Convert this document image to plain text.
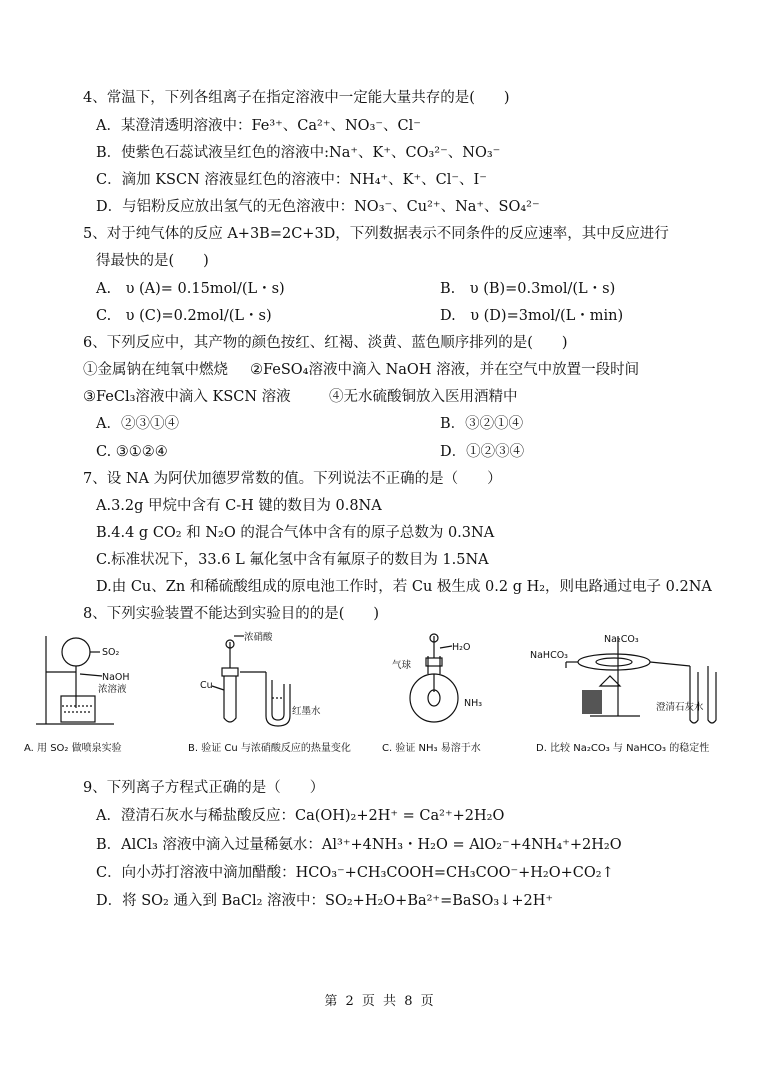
4、常温下，下列各组离子在指定溶液中一定能大量共存的是(　　)
A．某澄清透明溶液中：Fe³⁺、Ca²⁺、NO₃⁻、Cl⁻
B．使紫色石蕊试液呈红色的溶液中:Na⁺、K⁺、CO₃²⁻、NO₃⁻
C．滴加 KSCN 溶液显红色的溶液中：NH₄⁺、K⁺、Cl⁻、I⁻
D．与铝粉反应放出氢气的无色溶液中：NO₃⁻、Cu²⁺、Na⁺、SO₄²⁻
5、对于纯气体的反应 A+3B=2C+3D，下列数据表示不同条件的反应速率，其中反应进行
得最快的是(　　)
A.　υ (A)= 0.15mol/(L・s)	B.　υ (B)=0.3mol/(L・s)
C.　υ (C)=0.2mol/(L・s)	D.　υ (D)=3mol/(L・min)
6、下列反应中，其产物的颜色按红、红褐、淡黄、蓝色顺序排列的是(　　)
①金属钠在纯氧中燃烧 ②FeSO₄溶液中滴入 NaOH 溶液，并在空气中放置一段时间
③FeCl₃溶液中滴入 KSCN 溶液	④无水硫酸铜放入医用酒精中
A．②③①④	B．③②①④
C. ③①②④	D．①②③④
7、设 NA 为阿伏加德罗常数的值。下列说法不正确的是（　　）
A.3.2g 甲烷中含有 C-H 键的数目为 0.8NA
B.4.4 g CO₂ 和 N₂O 的混合气体中含有的原子总数为 0.3NA
C.标准状况下，33.6 L 氟化氢中含有氟原子的数目为 1.5NA
D.由 Cu、Zn 和稀硫酸组成的原电池工作时，若 Cu 极生成 0.2 g H₂，则电路通过电子 0.2NA
8、下列实验装置不能达到实验目的的是(　　)
SO₂
NaOH
浓溶液
A. 用 SO₂ 做喷泉实验
浓硝酸
Cu
红墨水
B. 验证 Cu 与浓硝酸反应的热量变化
H₂O
气球
NH₃
C. 验证 NH₃ 易溶于水
Na₂CO₃
NaHCO₃
澄清石灰水
D. 比较 Na₂CO₃ 与 NaHCO₃ 的稳定性
9、下列离子方程式正确的是（　　）
A．澄清石灰水与稀盐酸反应：Ca(OH)₂+2H⁺ = Ca²⁺+2H₂O
B．AlCl₃ 溶液中滴入过量稀氨水：Al³⁺+4NH₃・H₂O = AlO₂⁻+4NH₄⁺+2H₂O
C．向小苏打溶液中滴加醋酸：HCO₃⁻+CH₃COOH=CH₃COO⁻+H₂O+CO₂↑
D．将 SO₂ 通入到 BaCl₂ 溶液中：SO₂+H₂O+Ba²⁺=BaSO₃↓+2H⁺
第 2 页 共 8 页
